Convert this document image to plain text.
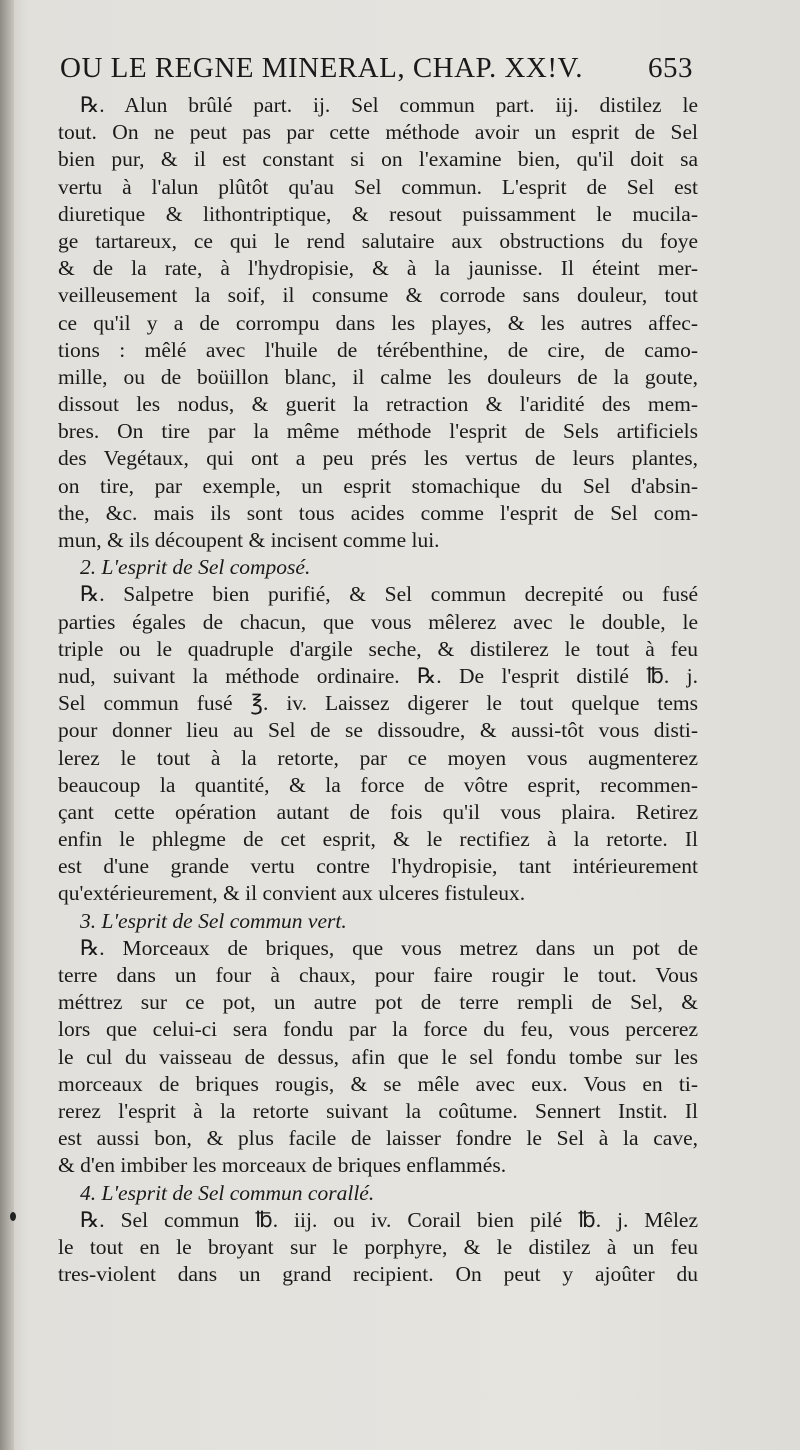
OU LE REGNE MINERAL, CHAP. XX!V. 653
℞. Alun brûlé part. ij. Sel commun part. iij. distilez le
tout. On ne peut pas par cette méthode avoir un esprit de Sel
bien pur, & il est constant si on l'examine bien, qu'il doit sa
vertu à l'alun plûtôt qu'au Sel commun. L'esprit de Sel est
diuretique & lithontriptique, & resout puissamment le mucila-
ge tartareux, ce qui le rend salutaire aux obstructions du foye
& de la rate, à l'hydropisie, & à la jaunisse. Il éteint mer-
veilleusement la soif, il consume & corrode sans douleur, tout
ce qu'il y a de corrompu dans les playes, & les autres affec-
tions : mêlé avec l'huile de térébenthine, de cire, de camo-
mille, ou de boüillon blanc, il calme les douleurs de la goute,
dissout les nodus, & guerit la retraction & l'aridité des mem-
bres. On tire par la même méthode l'esprit de Sels artificiels
des Vegétaux, qui ont a peu prés les vertus de leurs plantes,
on tire, par exemple, un esprit stomachique du Sel d'absin-
the, &c. mais ils sont tous acides comme l'esprit de Sel com-
mun, & ils découpent & incisent comme lui.
2. L'esprit de Sel composé.
℞. Salpetre bien purifié, & Sel commun decrepité ou fusé
parties égales de chacun, que vous mêlerez avec le double, le
triple ou le quadruple d'argile seche, & distilerez le tout à feu
nud, suivant la méthode ordinaire. ℞. De l'esprit distilé ℔. j.
Sel commun fusé ℥. iv. Laissez digerer le tout quelque tems
pour donner lieu au Sel de se dissoudre, & aussi-tôt vous disti-
lerez le tout à la retorte, par ce moyen vous augmenterez
beaucoup la quantité, & la force de vôtre esprit, recommen-
çant cette opération autant de fois qu'il vous plaira. Retirez
enfin le phlegme de cet esprit, & le rectifiez à la retorte. Il
est d'une grande vertu contre l'hydropisie, tant intérieurement
qu'extérieurement, & il convient aux ulceres fistuleux.
3. L'esprit de Sel commun vert.
℞. Morceaux de briques, que vous metrez dans un pot de
terre dans un four à chaux, pour faire rougir le tout. Vous
méttrez sur ce pot, un autre pot de terre rempli de Sel, &
lors que celui-ci sera fondu par la force du feu, vous percerez
le cul du vaisseau de dessus, afin que le sel fondu tombe sur les
morceaux de briques rougis, & se mêle avec eux. Vous en ti-
rerez l'esprit à la retorte suivant la coûtume. Sennert Instit. Il
est aussi bon, & plus facile de laisser fondre le Sel à la cave,
& d'en imbiber les morceaux de briques enflammés.
4. L'esprit de Sel commun corallé.
℞. Sel commun ℔. iij. ou iv. Corail bien pilé ℔. j. Mêlez
le tout en le broyant sur le porphyre, & le distilez à un feu
tres-violent dans un grand recipient. On peut y ajoûter du
